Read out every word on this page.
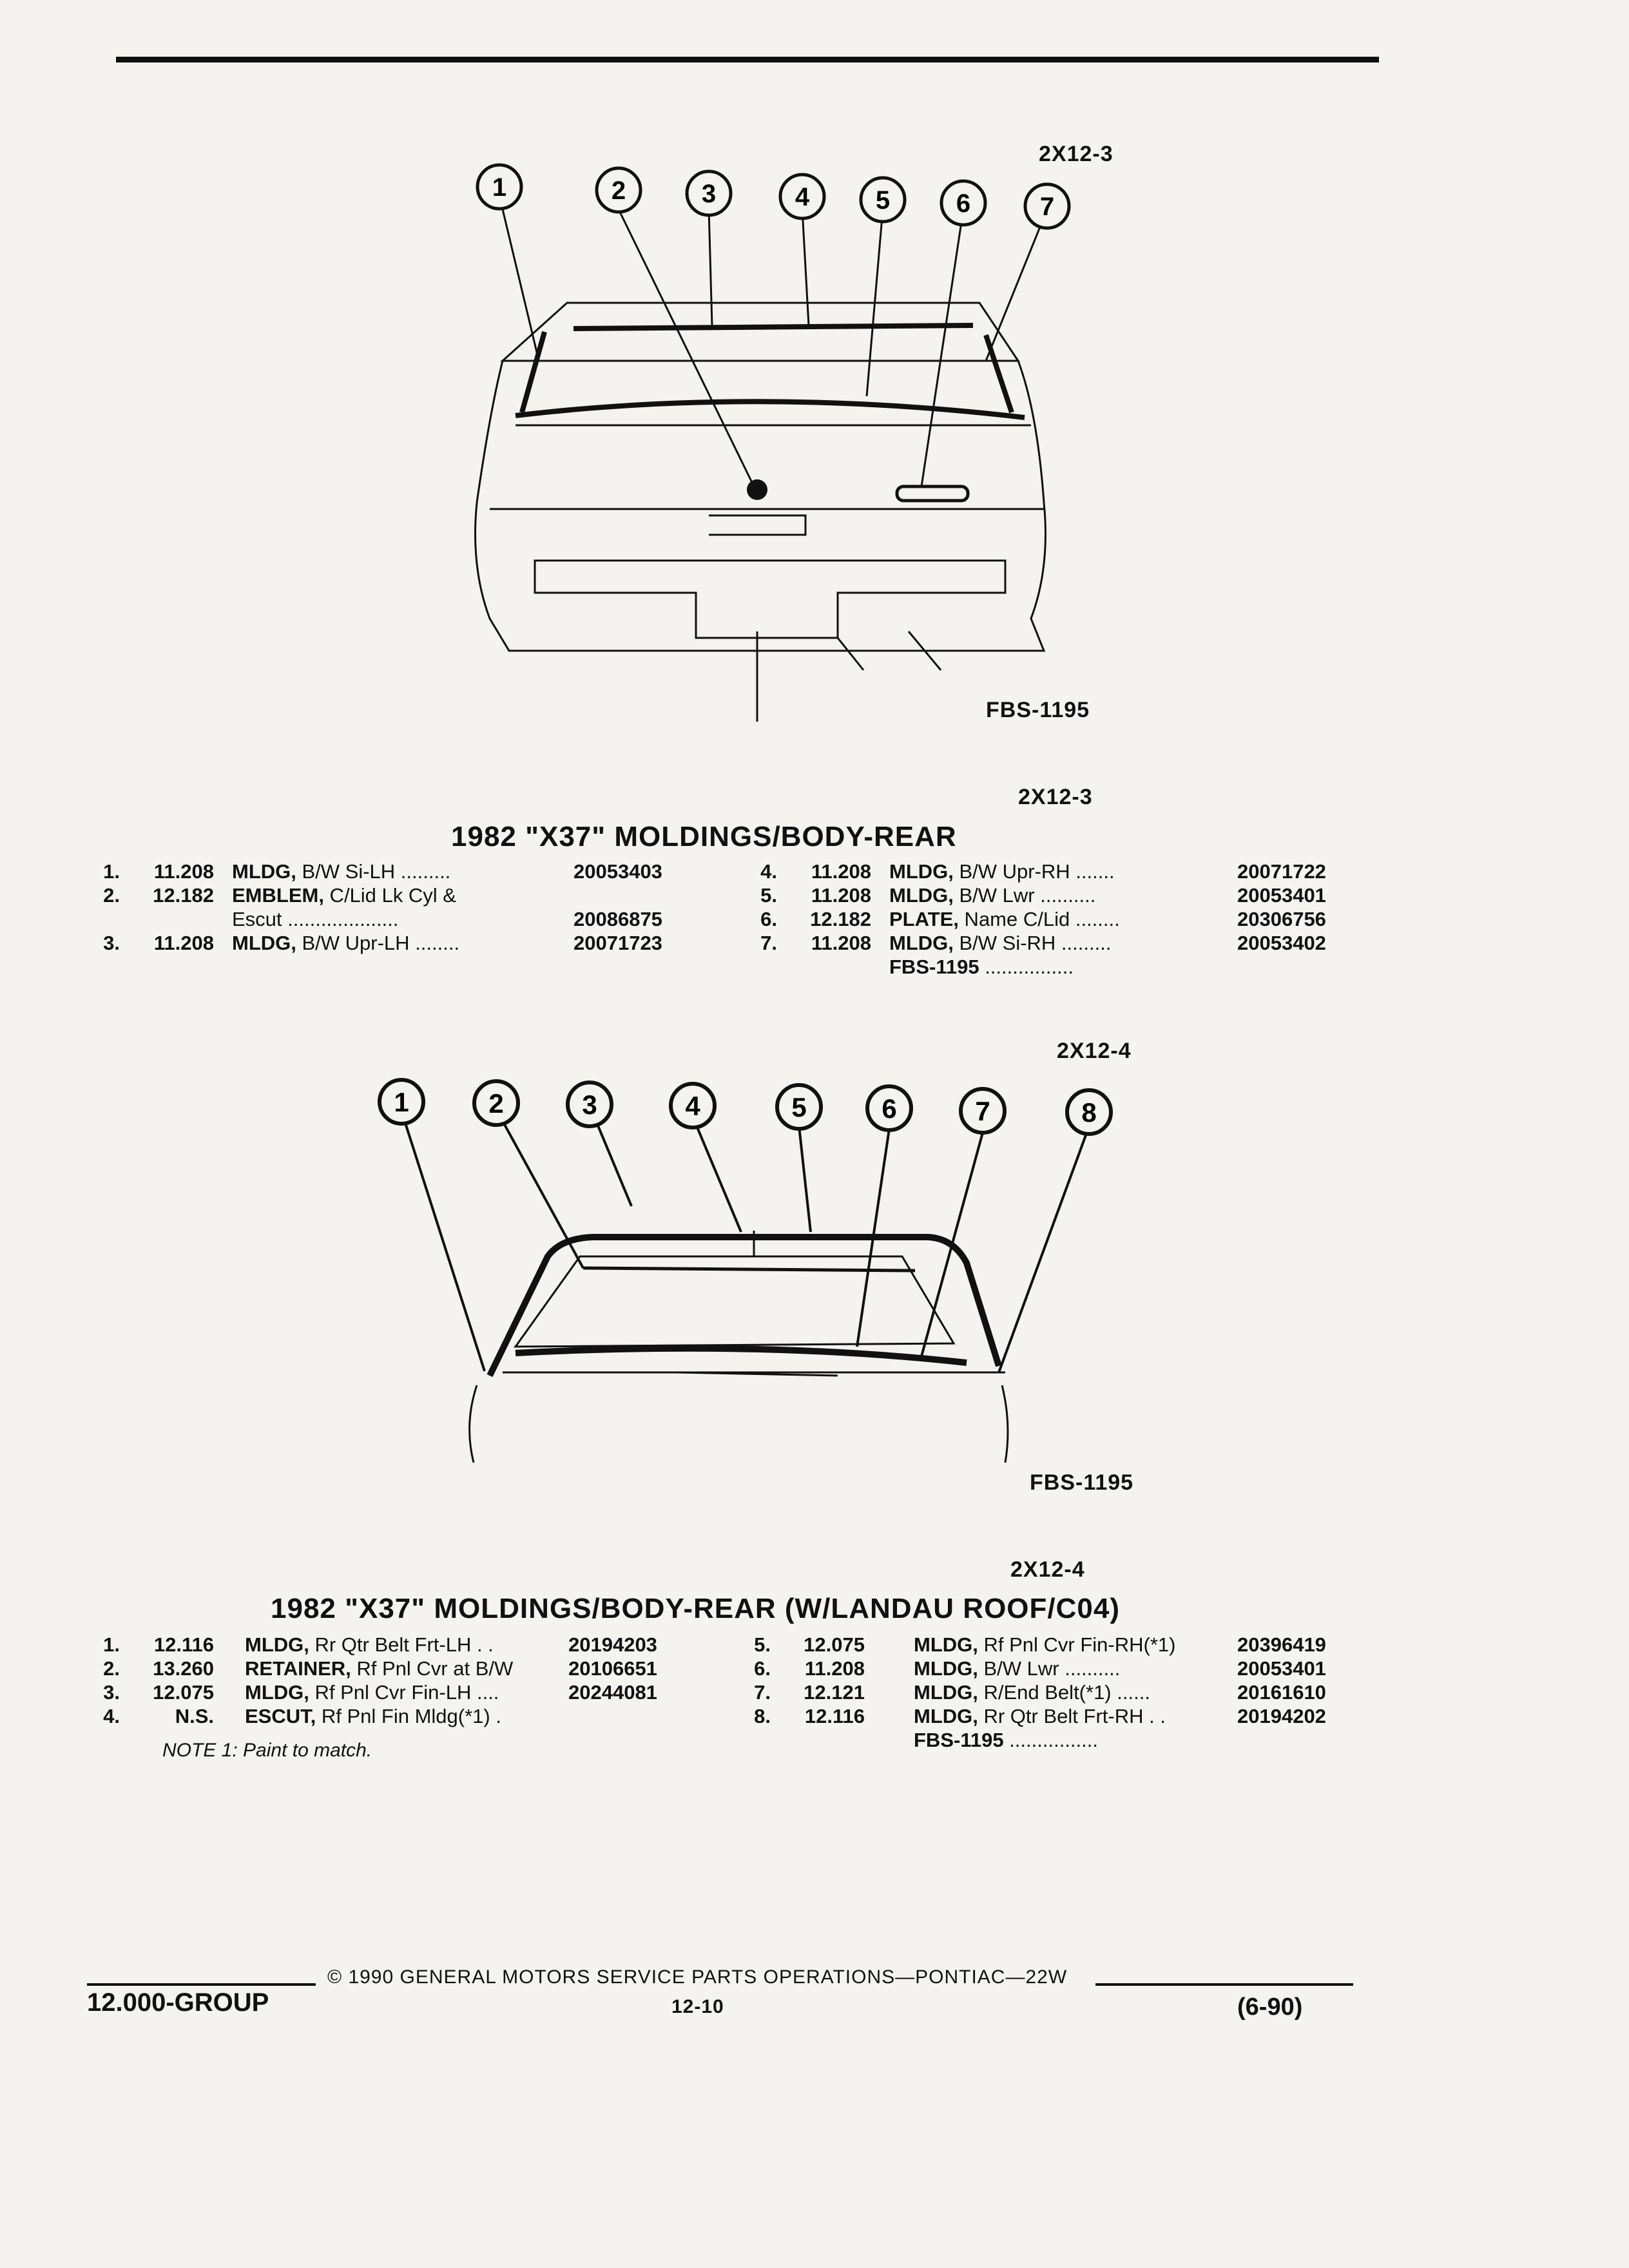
2X12-3
1	2	3	4	5	6	7
FBS-1195
2X12-3
1982 "X37" MOLDINGS/BODY-REAR
1.	11.208 MLDG, B/W Si-LH .........	20053403
2.	12.182 EMBLEM, C/Lid Lk Cyl &
Escut ....................	20086875
3.	11.208 MLDG, B/W Upr-LH ........	20071723
4.	11.208 MLDG, B/W Upr-RH .......	20071722
5.	11.208 MLDG, B/W Lwr ..........	20053401
6.	12.182 PLATE, Name C/Lid ........	20306756
7.	11.208 MLDG, B/W Si-RH .........	20053402
FBS-1195 ................
2X12-4
1	2	3	4	5	6	7	8
FBS-1195
2X12-4
1982 "X37" MOLDINGS/BODY-REAR (W/LANDAU ROOF/C04)
1.	12.116 MLDG, Rr Qtr Belt Frt-LH . .	20194203
2.	13.260 RETAINER, Rf Pnl Cvr at B/W	20106651
3.	12.075 MLDG, Rf Pnl Cvr Fin-LH ....	20244081
4.	N.S. ESCUT, Rf Pnl Fin Mldg(*1) .
5.	12.075 MLDG, Rf Pnl Cvr Fin-RH(*1)	20396419
6.	11.208 MLDG, B/W Lwr ..........	20053401
7.	12.121 MLDG, R/End Belt(*1) ......	20161610
8.	12.116 MLDG, Rr Qtr Belt Frt-RH . .	20194202
FBS-1195 ................
NOTE 1: Paint to match.
© 1990 GENERAL MOTORS SERVICE PARTS OPERATIONS—PONTIAC—22W
12.000-GROUP	12-10	(6-90)
